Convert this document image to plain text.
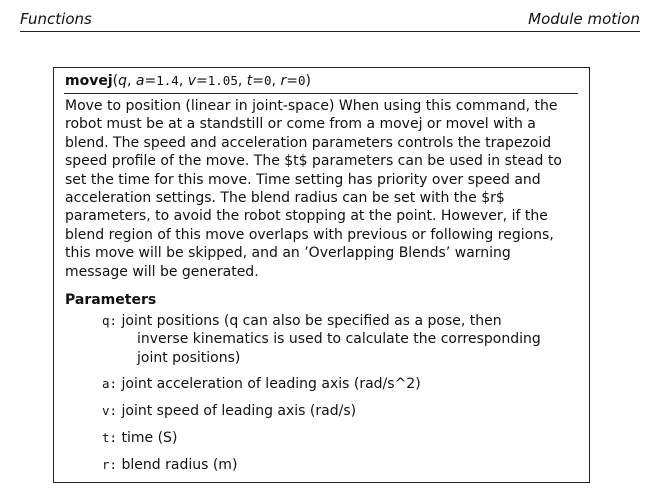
Functions	Module motion
movej(q, a=1.4, v=1.05, t=0, r=0)
Move to position (linear in joint-space) When using this command, the
robot must be at a standstill or come from a movej or movel with a
blend. The speed and acceleration parameters controls the trapezoid
speed profile of the move. The $t$ parameters can be used in stead to
set the time for this move. Time setting has priority over speed and
acceleration settings. The blend radius can be set with the $r$
parameters, to avoid the robot stopping at the point. However, if the
blend region of this move overlaps with previous or following regions,
this move will be skipped, and an ’Overlapping Blends’ warning
message will be generated.
Parameters
q: joint positions (q can also be specified as a pose, then
inverse kinematics is used to calculate the corresponding
joint positions)
a: joint acceleration of leading axis (rad/s^2)
v: joint speed of leading axis (rad/s)
t: time (S)
r: blend radius (m)
